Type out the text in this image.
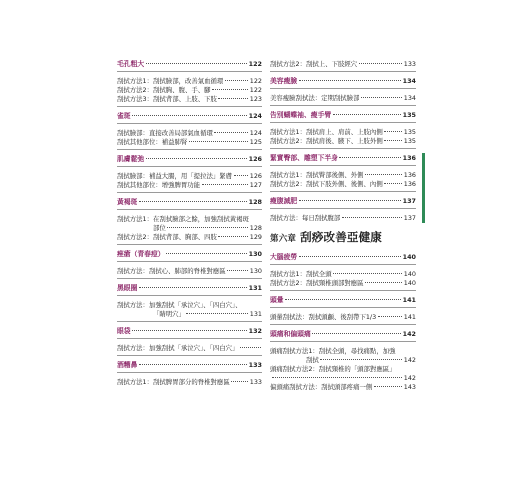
毛孔粗大	122
刮拭方法1：刮拭臉部，改善氣血循環	122
刮拭方法2：刮拭胸、腹、手、腳	122
刮拭方法3：刮拭背部、上肢、下肢	123
雀斑	124
刮拭臉部：直接改善局部氣血循環	124
刮拭其他部位：補益肺腎	125
肌膚鬆弛	126
刮拭臉部：補益大腸，用「提拉法」緊膚	126
刮拭其他部位：增強脾胃功能	127
黃褐斑	128
刮拭方法1：在刮拭臉部之餘，加強刮拭黃褐斑
部位	128
刮拭方法2：刮拭背部、胸部、四肢	129
痤瘡（青春痘）	130
刮拭方法：刮拭心、肺部的脊椎對應區	130
黑眼圈	131
刮拭方法：加強刮拭「承泣穴」、「四白穴」、
「睛明穴」	131
眼袋	132
刮拭方法：加強刮拭「承泣穴」、「四白穴」
酒糟鼻	133
刮拭方法1：刮拭脾胃部分的脊椎對應區	133
刮拭方法2：刮拭上、下肢經穴	133
美容瘦臉	134
美容瘦臉刮拭法：定期刮拭臉部	134
告別蝴蝶袖、瘦手臂	135
刮拭方法1：刮拭肩上、肩前、上肢內側	135
刮拭方法2：刮拭肩後、腋下、上肢外側	135
緊實臀部、雕塑下半身	136
刮拭方法1：刮拭臀部後側、外側	136
刮拭方法2：刮拭下肢外側、後側、內側	136
瘦腹減肥	137
刮拭方法：每日刮拭腹部	137
第六章 刮痧改善亞健康
大腦疲勞	140
刮拭方法1：刮拭全頭	140
刮拭方法2：刮拭頸椎頭部對應區	140
頭暈	141
頭暈刮拭法：刮拭頭顱、後刮帶下1/3	141
頭痛和偏頭痛	142
頭痛刮拭方法1：刮拭全頭，尋找痛點，加強
刮拭	142
頭痛刮拭方法2：刮拭頸椎的「頭部對應區」
142
偏頭痛刮拭方法：刮拭頭部疼痛一側	143
